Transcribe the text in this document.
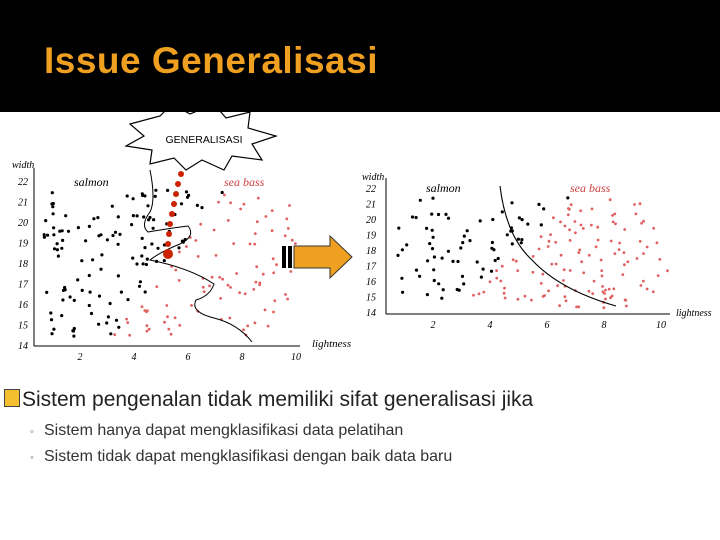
Issue Generalisasi
width
lightness
salmon	sea bass
22
21
20
19
18
17
16
15
14
2	4	6	8	10
GENERALISASI
width
lightness
salmon	sea bass
22
21
20
19
18
17
16
15
14
2	4	6	8	10
Sistem pengenalan tidak memiliki sifat generalisasi jika
◦ Sistem hanya dapat mengklasifikasi data pelatihan
◦ Sistem tidak dapat mengklasifikasi dengan baik data baru
